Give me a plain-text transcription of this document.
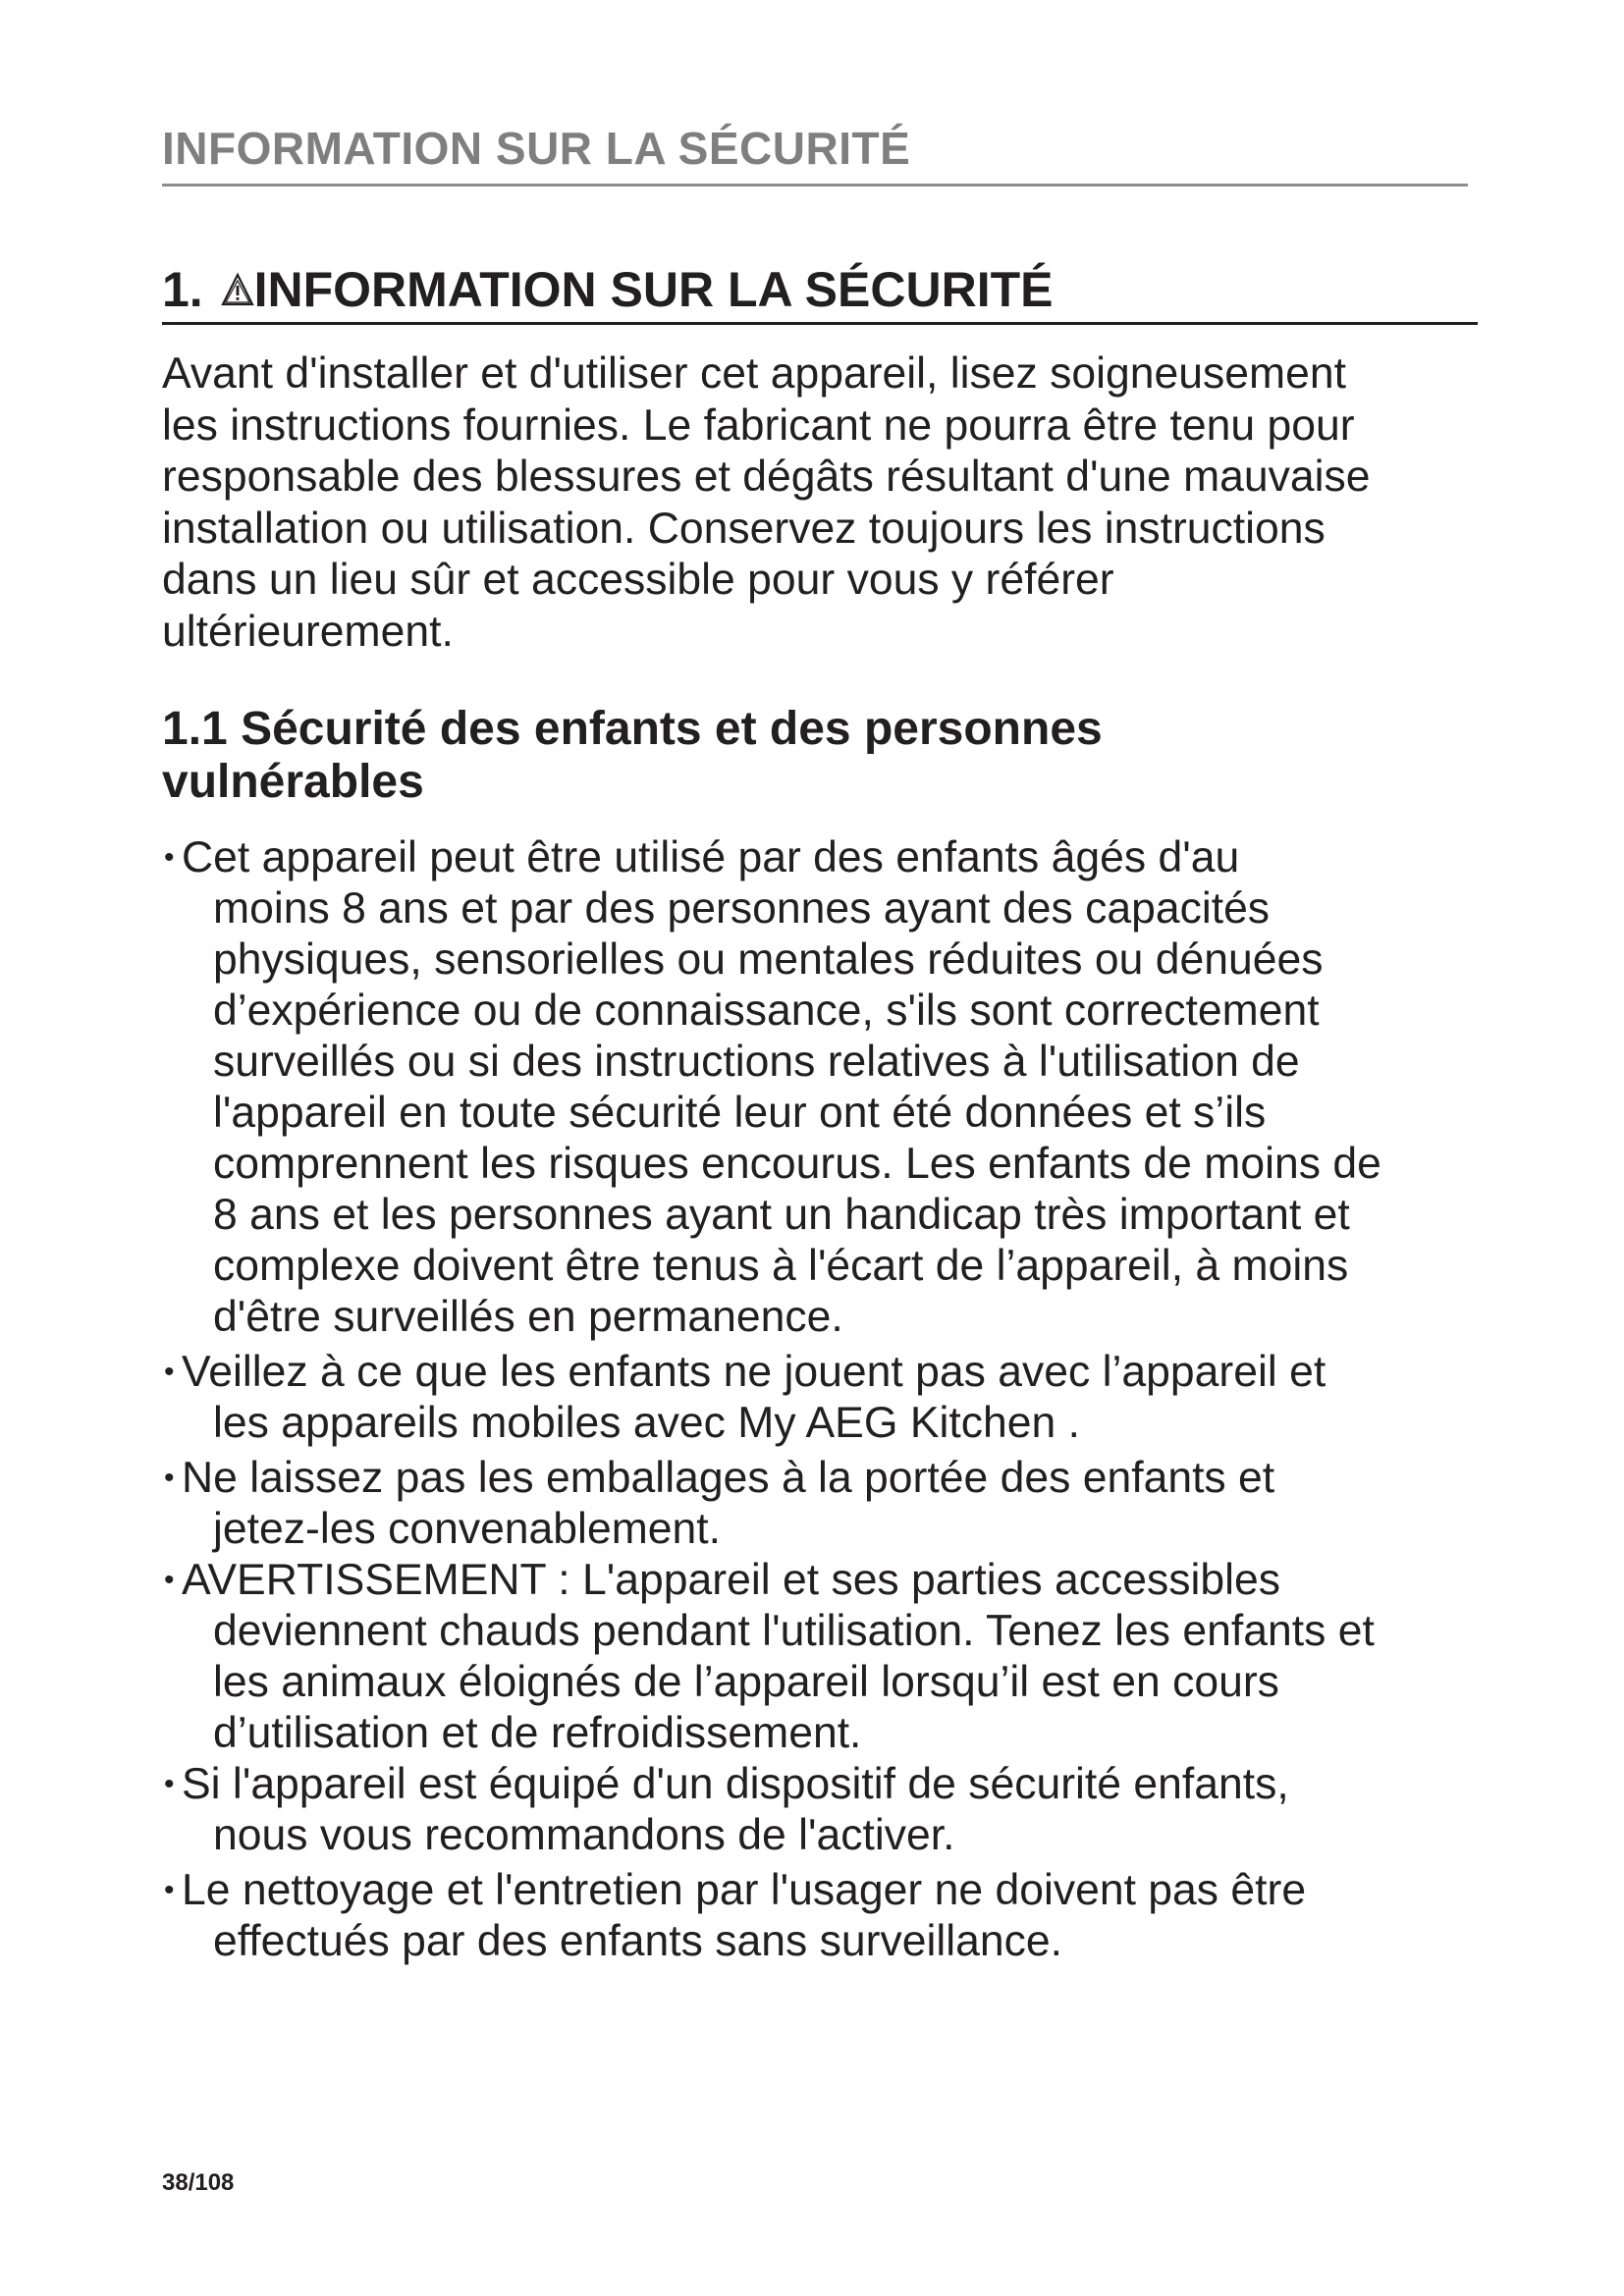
INFORMATION SUR LA SÉCURITÉ
1. INFORMATION SUR LA SÉCURITÉ
Avant d'installer et d'utiliser cet appareil, lisez soigneusement
les instructions fournies. Le fabricant ne pourra être tenu pour
responsable des blessures et dégâts résultant d'une mauvaise
installation ou utilisation. Conservez toujours les instructions
dans un lieu sûr et accessible pour vous y référer
ultérieurement.
1.1 Sécurité des enfants et des personnes
vulnérables
• Cet appareil peut être utilisé par des enfants âgés d'au
moins 8 ans et par des personnes ayant des capacités
physiques, sensorielles ou mentales réduites ou dénuées
d’expérience ou de connaissance, s'ils sont correctement
surveillés ou si des instructions relatives à l'utilisation de
l'appareil en toute sécurité leur ont été données et s’ils
comprennent les risques encourus. Les enfants de moins de
8 ans et les personnes ayant un handicap très important et
complexe doivent être tenus à l'écart de l’appareil, à moins
d'être surveillés en permanence.
• Veillez à ce que les enfants ne jouent pas avec l’appareil et
les appareils mobiles avec My AEG Kitchen .
• Ne laissez pas les emballages à la portée des enfants et
jetez-les convenablement.
• AVERTISSEMENT : L'appareil et ses parties accessibles
deviennent chauds pendant l'utilisation. Tenez les enfants et
les animaux éloignés de l’appareil lorsqu’il est en cours
d’utilisation et de refroidissement.
• Si l'appareil est équipé d'un dispositif de sécurité enfants,
nous vous recommandons de l'activer.
• Le nettoyage et l'entretien par l'usager ne doivent pas être
effectués par des enfants sans surveillance.
38/108
